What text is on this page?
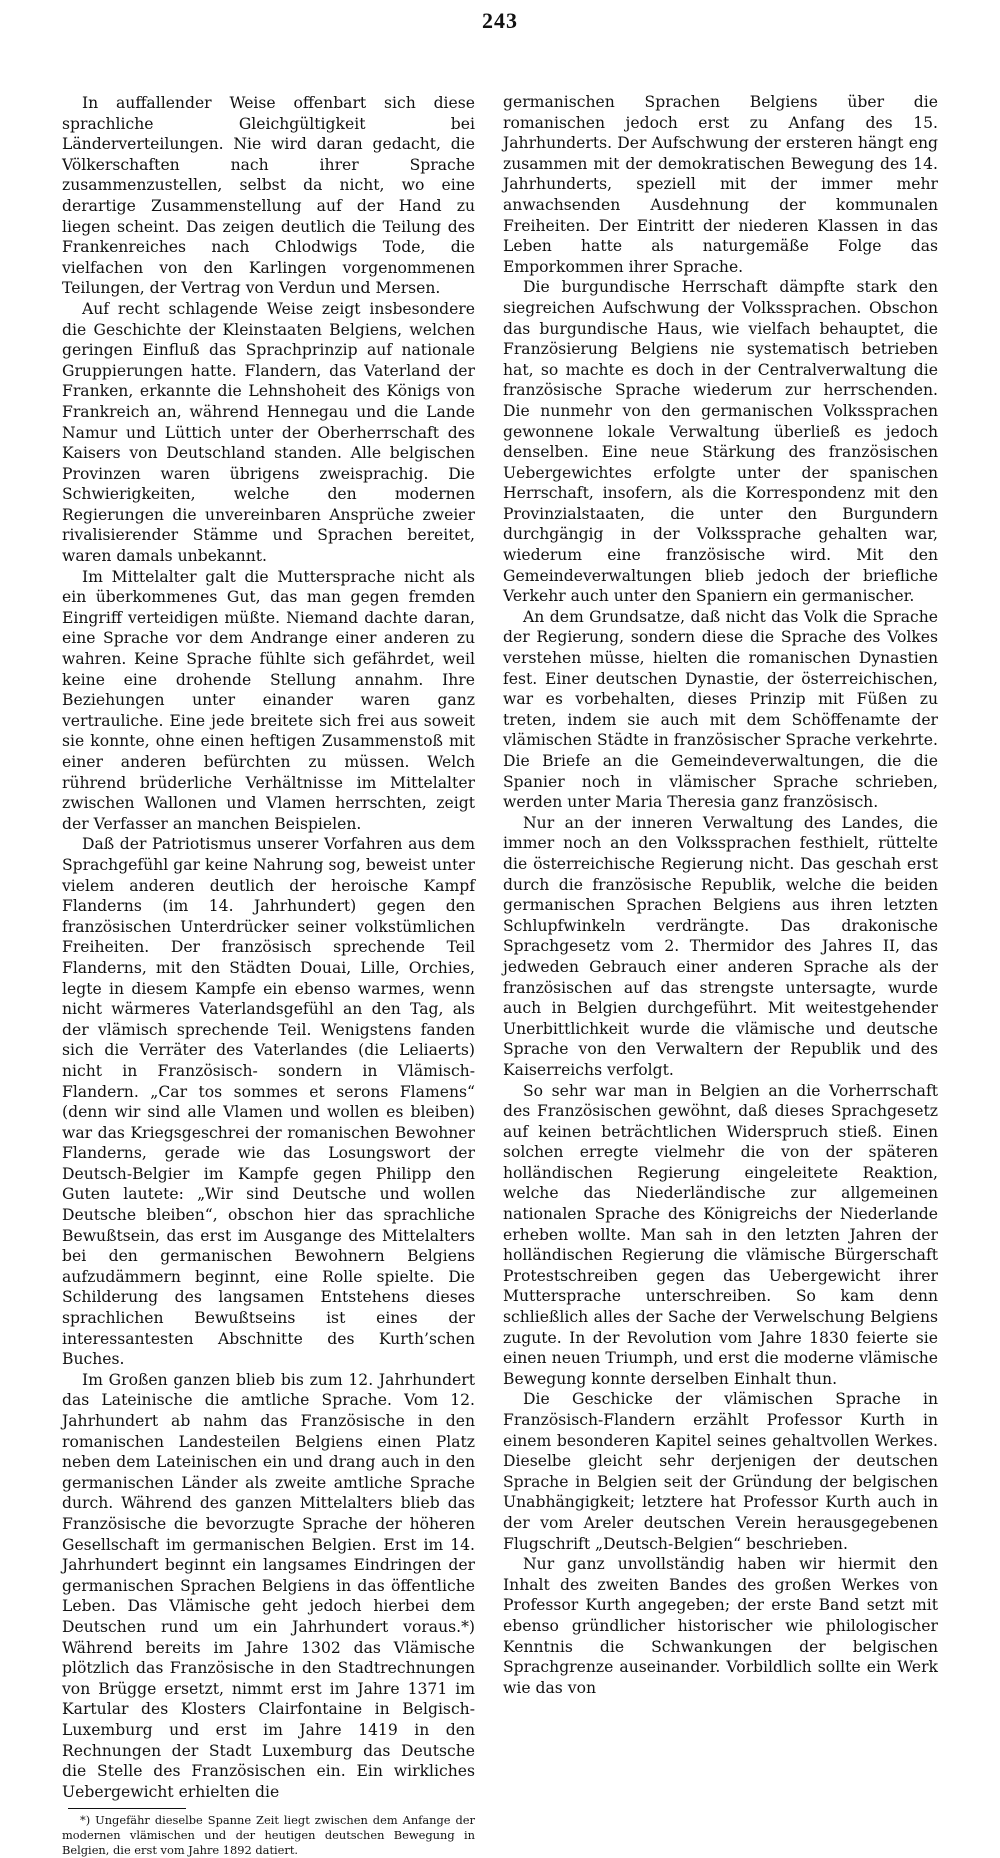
243

In auffallender Weise offenbart sich diese sprachliche Gleichgültigkeit bei Länderverteilungen. Nie wird daran gedacht, die Völkerschaften nach ihrer Sprache zusammenzustellen, selbst da nicht, wo eine derartige Zusammenstellung auf der Hand zu liegen scheint. Das zeigen deutlich die Teilung des Frankenreiches nach Chlodwigs Tode, die vielfachen von den Karlingen vorgenommenen Teilungen, der Vertrag von Verdun und Mersen.

Auf recht schlagende Weise zeigt insbesondere die Geschichte der Kleinstaaten Belgiens, welchen geringen Einfluß das Sprachprinzip auf nationale Gruppierungen hatte. Flandern, das Vaterland der Franken, erkannte die Lehnshoheit des Königs von Frankreich an, während Hennegau und die Lande Namur und Lüttich unter der Oberherrschaft des Kaisers von Deutschland standen. Alle belgischen Provinzen waren übrigens zweisprachig. Die Schwierigkeiten, welche den modernen Regierungen die unvereinbaren Ansprüche zweier rivalisierender Stämme und Sprachen bereitet, waren damals unbekannt.

Im Mittelalter galt die Muttersprache nicht als ein überkommenes Gut, das man gegen fremden Eingriff verteidigen müßte. Niemand dachte daran, eine Sprache vor dem Andrange einer anderen zu wahren. Keine Sprache fühlte sich gefährdet, weil keine eine drohende Stellung annahm. Ihre Beziehungen unter einander waren ganz vertrauliche. Eine jede breitete sich frei aus soweit sie konnte, ohne einen heftigen Zusammenstoß mit einer anderen befürchten zu müssen. Welch rührend brüderliche Verhältnisse im Mittelalter zwischen Wallonen und Vlamen herrschten, zeigt der Verfasser an manchen Beispielen.

Daß der Patriotismus unserer Vorfahren aus dem Sprachgefühl gar keine Nahrung sog, beweist unter vielem anderen deutlich der heroische Kampf Flanderns (im 14. Jahrhundert) gegen den französischen Unterdrücker seiner volkstümlichen Freiheiten. Der französisch sprechende Teil Flanderns, mit den Städten Douai, Lille, Orchies, legte in diesem Kampfe ein ebenso warmes, wenn nicht wärmeres Vaterlandsgefühl an den Tag, als der vlämisch sprechende Teil. Wenigstens fanden sich die Verräter des Vaterlandes (die Leliaerts) nicht in Französisch- sondern in Vlämisch-Flandern. „Car tos sommes et serons Flamens“ (denn wir sind alle Vlamen und wollen es bleiben) war das Kriegsgeschrei der romanischen Bewohner Flanderns, gerade wie das Losungswort der Deutsch-Belgier im Kampfe gegen Philipp den Guten lautete: „Wir sind Deutsche und wollen Deutsche bleiben“, obschon hier das sprachliche Bewußtsein, das erst im Ausgange des Mittelalters bei den germanischen Bewohnern Belgiens aufzudämmern beginnt, eine Rolle spielte. Die Schilderung des langsamen Entstehens dieses sprachlichen Bewußtseins ist eines der interessantesten Abschnitte des Kurth’schen Buches.

Im Großen ganzen blieb bis zum 12. Jahrhundert das Lateinische die amtliche Sprache. Vom 12. Jahrhundert ab nahm das Französische in den romanischen Landesteilen Belgiens einen Platz neben dem Lateinischen ein und drang auch in den germanischen Länder als zweite amtliche Sprache durch. Während des ganzen Mittelalters blieb das Französische die bevorzugte Sprache der höheren Gesellschaft im germanischen Belgien. Erst im 14. Jahrhundert beginnt ein langsames Eindringen der germanischen Sprachen Belgiens in das öffentliche Leben. Das Vlämische geht jedoch hierbei dem Deutschen rund um ein Jahrhundert voraus.*) Während bereits im Jahre 1302 das Vlämische plötzlich das Französische in den Stadtrechnungen von Brügge ersetzt, nimmt erst im Jahre 1371 im Kartular des Klosters Clairfontaine in Belgisch-Luxemburg und erst im Jahre 1419 in den Rechnungen der Stadt Luxemburg das Deutsche die Stelle des Französischen ein. Ein wirkliches Uebergewicht erhielten die

*) Ungefähr dieselbe Spanne Zeit liegt zwischen dem Anfange der modernen vlämischen und der heutigen deutschen Bewegung in Belgien, die erst vom Jahre 1892 datiert.

germanischen Sprachen Belgiens über die romanischen jedoch erst zu Anfang des 15. Jahrhunderts. Der Aufschwung der ersteren hängt eng zusammen mit der demokratischen Bewegung des 14. Jahrhunderts, speziell mit der immer mehr anwachsenden Ausdehnung der kommunalen Freiheiten. Der Eintritt der niederen Klassen in das Leben hatte als naturgemäße Folge das Emporkommen ihrer Sprache.

Die burgundische Herrschaft dämpfte stark den siegreichen Aufschwung der Volkssprachen. Obschon das burgundische Haus, wie vielfach behauptet, die Französierung Belgiens nie systematisch betrieben hat, so machte es doch in der Centralverwaltung die französische Sprache wiederum zur herrschenden. Die nunmehr von den germanischen Volkssprachen gewonnene lokale Verwaltung überließ es jedoch denselben. Eine neue Stärkung des französischen Uebergewichtes erfolgte unter der spanischen Herrschaft, insofern, als die Korrespondenz mit den Provinzialstaaten, die unter den Burgundern durchgängig in der Volkssprache gehalten war, wiederum eine französische wird. Mit den Gemeindeverwaltungen blieb jedoch der briefliche Verkehr auch unter den Spaniern ein germanischer.

An dem Grundsatze, daß nicht das Volk die Sprache der Regierung, sondern diese die Sprache des Volkes verstehen müsse, hielten die romanischen Dynastien fest. Einer deutschen Dynastie, der österreichischen, war es vorbehalten, dieses Prinzip mit Füßen zu treten, indem sie auch mit dem Schöffenamte der vlämischen Städte in französischer Sprache verkehrte. Die Briefe an die Gemeindeverwaltungen, die die Spanier noch in vlämischer Sprache schrieben, werden unter Maria Theresia ganz französisch.

Nur an der inneren Verwaltung des Landes, die immer noch an den Volkssprachen festhielt, rüttelte die österreichische Regierung nicht. Das geschah erst durch die französische Republik, welche die beiden germanischen Sprachen Belgiens aus ihren letzten Schlupfwinkeln verdrängte. Das drakonische Sprachgesetz vom 2. Thermidor des Jahres II, das jedweden Gebrauch einer anderen Sprache als der französischen auf das strengste untersagte, wurde auch in Belgien durchgeführt. Mit weitestgehender Unerbittlichkeit wurde die vlämische und deutsche Sprache von den Verwaltern der Republik und des Kaiserreichs verfolgt.

So sehr war man in Belgien an die Vorherrschaft des Französischen gewöhnt, daß dieses Sprachgesetz auf keinen beträchtlichen Widerspruch stieß. Einen solchen erregte vielmehr die von der späteren holländischen Regierung eingeleitete Reaktion, welche das Niederländische zur allgemeinen nationalen Sprache des Königreichs der Niederlande erheben wollte. Man sah in den letzten Jahren der holländischen Regierung die vlämische Bürgerschaft Protestschreiben gegen das Uebergewicht ihrer Muttersprache unterschreiben. So kam denn schließlich alles der Sache der Verwelschung Belgiens zugute. In der Revolution vom Jahre 1830 feierte sie einen neuen Triumph, und erst die moderne vlämische Bewegung konnte derselben Einhalt thun.

Die Geschicke der vlämischen Sprache in Französisch-Flandern erzählt Professor Kurth in einem besonderen Kapitel seines gehaltvollen Werkes. Dieselbe gleicht sehr derjenigen der deutschen Sprache in Belgien seit der Gründung der belgischen Unabhängigkeit; letztere hat Professor Kurth auch in der vom Areler deutschen Verein herausgegebenen Flugschrift „Deutsch-Belgien“ beschrieben.

Nur ganz unvollständig haben wir hiermit den Inhalt des zweiten Bandes des großen Werkes von Professor Kurth angegeben; der erste Band setzt mit ebenso gründlicher historischer wie philologischer Kenntnis die Schwankungen der belgischen Sprachgrenze auseinander. Vorbildlich sollte ein Werk wie das von
